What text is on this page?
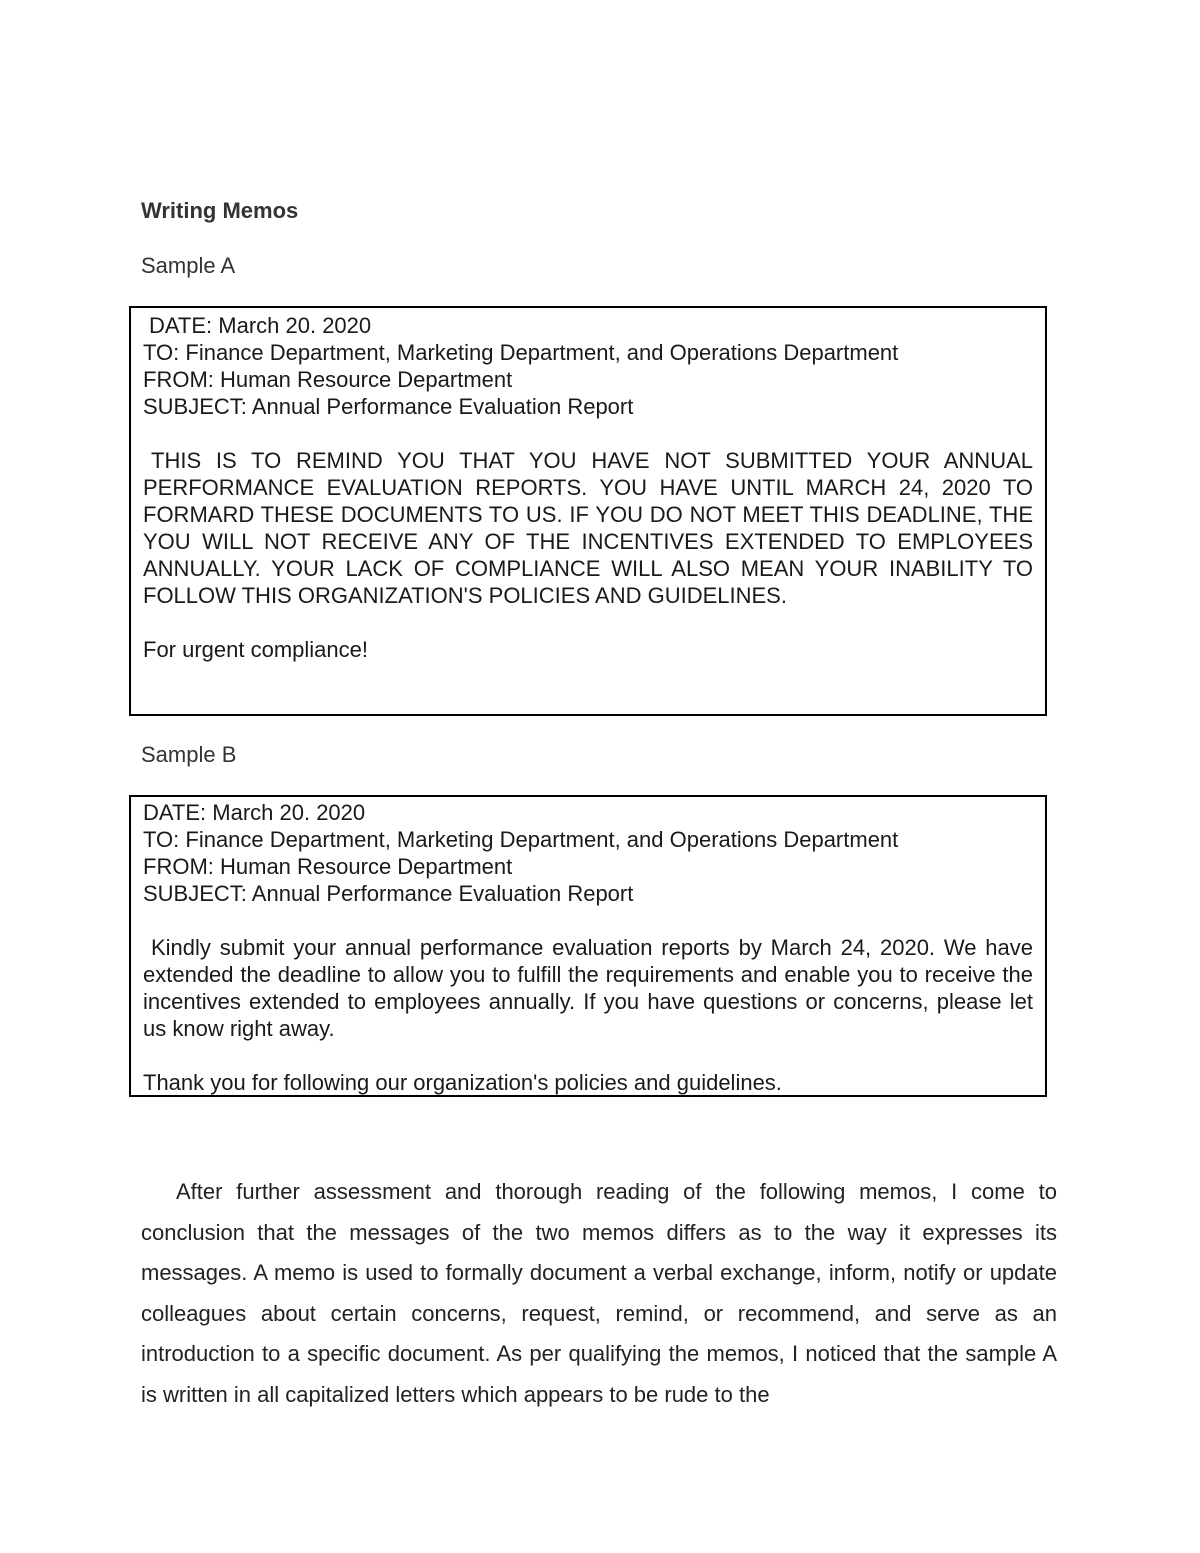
Writing Memos

Sample A

DATE: March 20. 2020
TO: Finance Department, Marketing Department, and Operations Department
FROM: Human Resource Department
SUBJECT: Annual Performance Evaluation Report
THIS IS TO REMIND YOU THAT YOU HAVE NOT SUBMITTED YOUR ANNUAL PERFORMANCE EVALUATION REPORTS. YOU HAVE UNTIL MARCH 24, 2020 TO FORMARD THESE DOCUMENTS TO US. IF YOU DO NOT MEET THIS DEADLINE, THE YOU WILL NOT RECEIVE ANY OF THE INCENTIVES EXTENDED TO EMPLOYEES ANNUALLY. YOUR LACK OF COMPLIANCE WILL ALSO MEAN YOUR INABILITY TO FOLLOW THIS ORGANIZATION'S POLICIES AND GUIDELINES.
For urgent compliance!

Sample B

DATE: March 20. 2020
TO: Finance Department, Marketing Department, and Operations Department
FROM: Human Resource Department
SUBJECT: Annual Performance Evaluation Report
Kindly submit your annual performance evaluation reports by March 24, 2020. We have extended the deadline to allow you to fulfill the requirements and enable you to receive the incentives extended to employees annually. If you have questions or concerns, please let us know right away.
Thank you for following our organization's policies and guidelines.

After further assessment and thorough reading of the following memos, I come to conclusion that the messages of the two memos differs as to the way it expresses its messages. A memo is used to formally document a verbal exchange, inform, notify or update colleagues about certain concerns, request, remind, or recommend, and serve as an introduction to a specific document. As per qualifying the memos, I noticed that the sample A is written in all capitalized letters which appears to be rude to the
